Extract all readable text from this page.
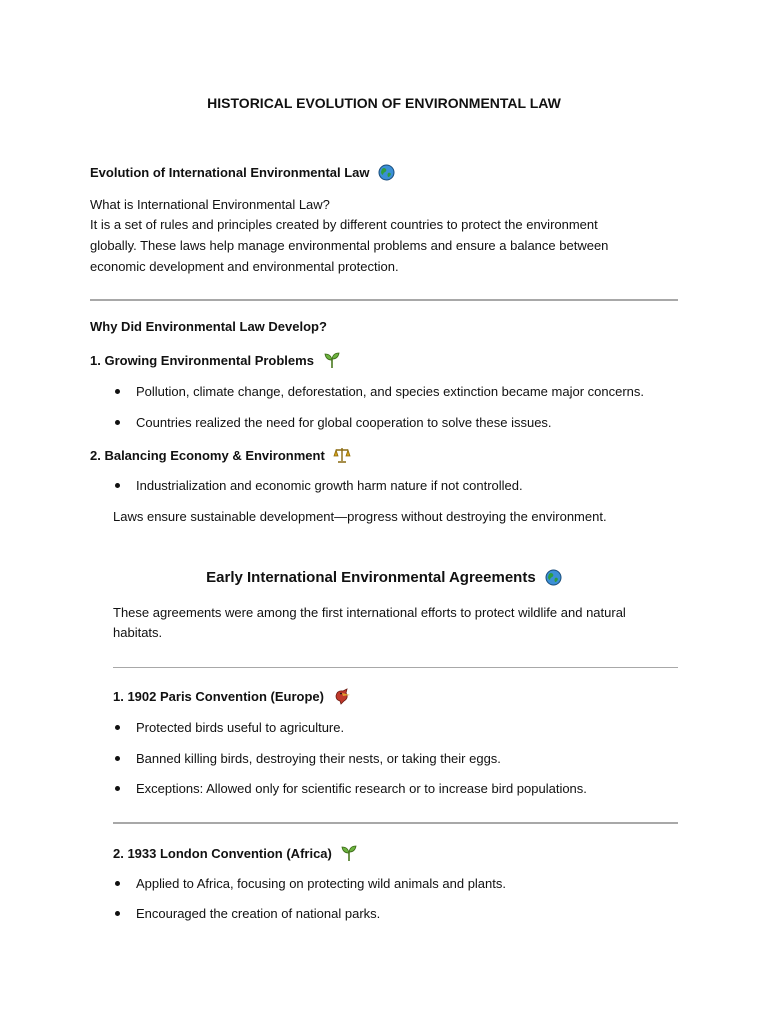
HISTORICAL EVOLUTION OF ENVIRONMENTAL LAW
Evolution of International Environmental Law
What is International Environmental Law?
It is a set of rules and principles created by different countries to protect the environment
globally. These laws help manage environmental problems and ensure a balance between
economic development and environmental protection.
Why Did Environmental Law Develop?
1. Growing Environmental Problems
Pollution, climate change, deforestation, and species extinction became major concerns.
Countries realized the need for global cooperation to solve these issues.
2. Balancing Economy & Environment
Industrialization and economic growth harm nature if not controlled.
Laws ensure sustainable development—progress without destroying the environment.
Early International Environmental Agreements
These agreements were among the first international efforts to protect wildlife and natural
habitats.
1. 1902 Paris Convention (Europe)
Protected birds useful to agriculture.
Banned killing birds, destroying their nests, or taking their eggs.
Exceptions: Allowed only for scientific research or to increase bird populations.
2. 1933 London Convention (Africa)
Applied to Africa, focusing on protecting wild animals and plants.
Encouraged the creation of national parks.
